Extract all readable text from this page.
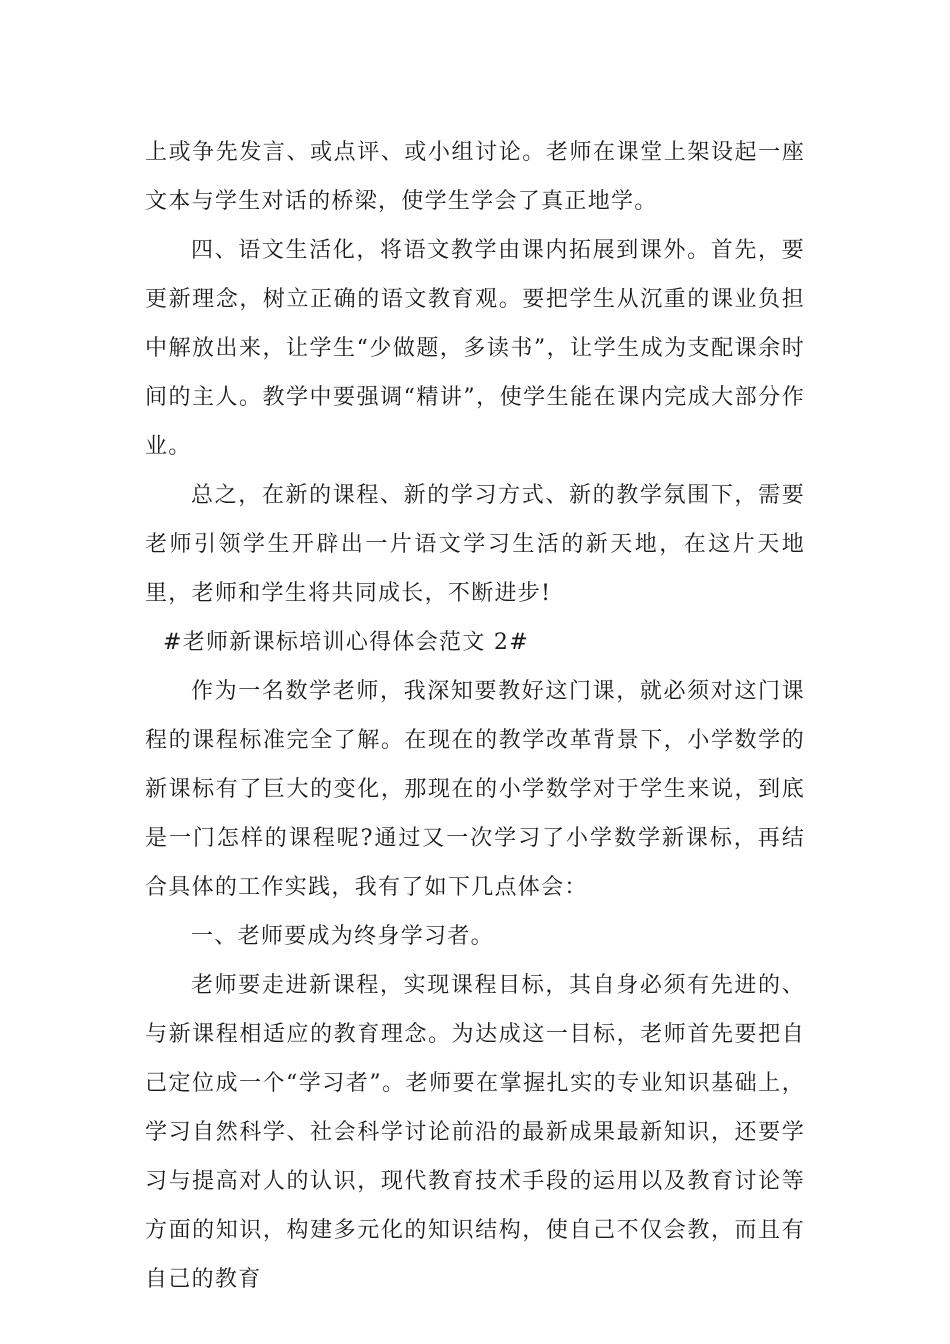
上或争先发言、或点评、或小组讨论。老师在课堂上架设起一座文本与学生对话的桥梁，使学生学会了真正地学。

四、语文生活化，将语文教学由课内拓展到课外。首先，要更新理念，树立正确的语文教育观。要把学生从沉重的课业负担中解放出来，让学生“少做题，多读书”，让学生成为支配课余时间的主人。教学中要强调“精讲”，使学生能在课内完成大部分作业。

总之，在新的课程、新的学习方式、新的教学氛围下，需要老师引领学生开辟出一片语文学习生活的新天地，在这片天地里，老师和学生将共同成长，不断进步!

#老师新课标培训心得体会范文 2#

作为一名数学老师，我深知要教好这门课，就必须对这门课程的课程标准完全了解。在现在的教学改革背景下，小学数学的新课标有了巨大的变化，那现在的小学数学对于学生来说，到底是一门怎样的课程呢?通过又一次学习了小学数学新课标，再结合具体的工作实践，我有了如下几点体会：

一、老师要成为终身学习者。

老师要走进新课程，实现课程目标，其自身必须有先进的、与新课程相适应的教育理念。为达成这一目标，老师首先要把自己定位成一个“学习者”。老师要在掌握扎实的专业知识基础上，学习自然科学、社会科学讨论前沿的最新成果最新知识，还要学习与提高对人的认识，现代教育技术手段的运用以及教育讨论等方面的知识，构建多元化的知识结构，使自己不仅会教，而且有自己的教育
